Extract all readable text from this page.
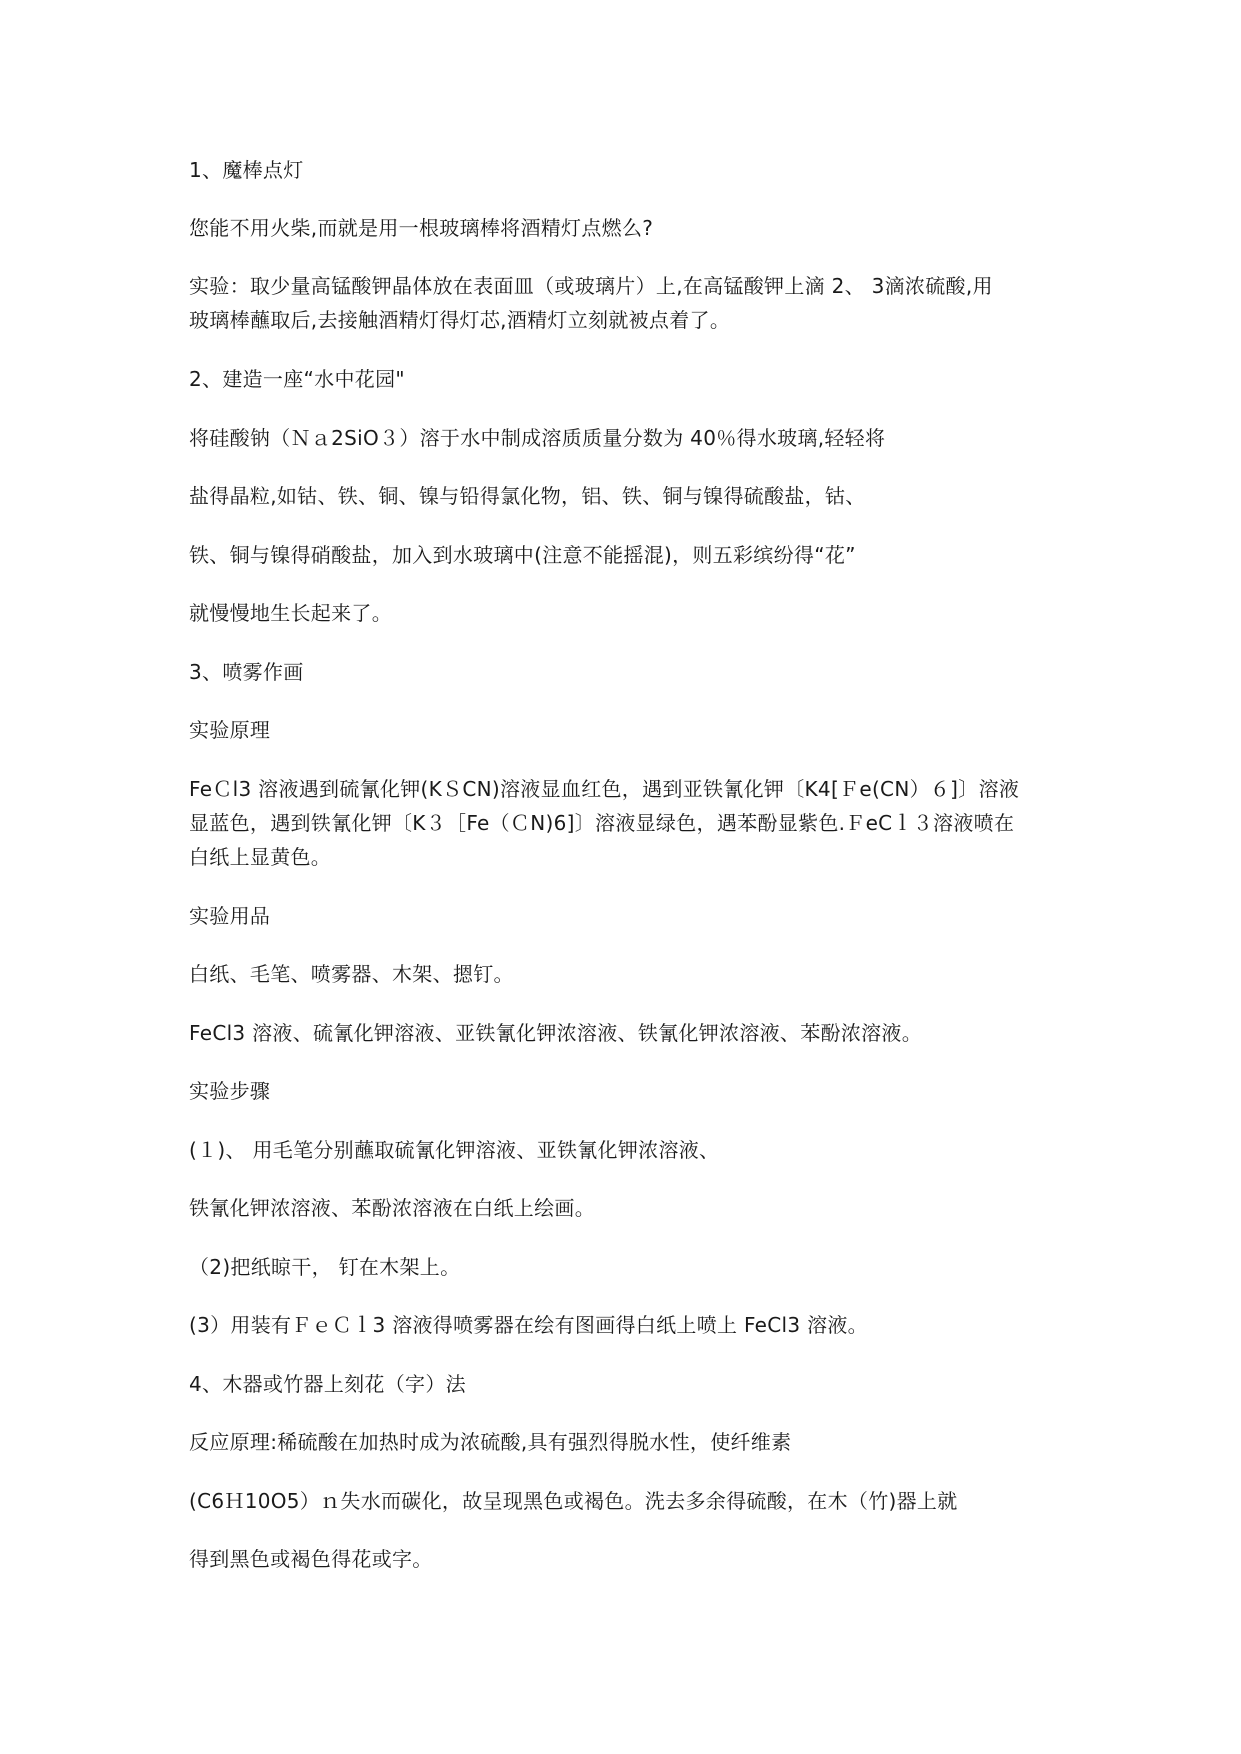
1、魔棒点灯
您能不用火柴,而就是用一根玻璃棒将酒精灯点燃么?
实验：取少量高锰酸钾晶体放在表面皿（或玻璃片）上,在高锰酸钾上滴 2、 3滴浓硫酸,用
玻璃棒蘸取后,去接触酒精灯得灯芯,酒精灯立刻就被点着了。
2、建造一座“水中花园"
将硅酸钠（Ｎａ2SiO３）溶于水中制成溶质质量分数为 40％得水玻璃,轻轻将
盐得晶粒,如钴、铁、铜、镍与铅得氯化物，铝、铁、铜与镍得硫酸盐，钴、
铁、铜与镍得硝酸盐，加入到水玻璃中(注意不能摇混)，则五彩缤纷得“花”
就慢慢地生长起来了。
3、喷雾作画
实验原理
FeＣl3 溶液遇到硫氰化钾(KＳCN)溶液显血红色，遇到亚铁氰化钾〔K4[Ｆe(CN）６]〕溶液
显蓝色，遇到铁氰化钾〔K３［Fe（ＣN)6]〕溶液显绿色，遇苯酚显紫色.ＦeCｌ３溶液喷在
白纸上显黄色。
实验用品
白纸、毛笔、喷雾器、木架、摁钉。
FeCl3 溶液、硫氰化钾溶液、亚铁氰化钾浓溶液、铁氰化钾浓溶液、苯酚浓溶液。
实验步骤
(１)、 用毛笔分别蘸取硫氰化钾溶液、亚铁氰化钾浓溶液、
铁氰化钾浓溶液、苯酚浓溶液在白纸上绘画。
（2)把纸晾干， 钉在木架上。
(3）用装有ＦｅＣｌ3 溶液得喷雾器在绘有图画得白纸上喷上 FeCl3 溶液。
4、木器或竹器上刻花（字）法
反应原理:稀硫酸在加热时成为浓硫酸,具有强烈得脱水性，使纤维素
(C6Ｈ10O5）ｎ失水而碳化，故呈现黑色或褐色。洗去多余得硫酸，在木（竹)器上就
得到黑色或褐色得花或字。
